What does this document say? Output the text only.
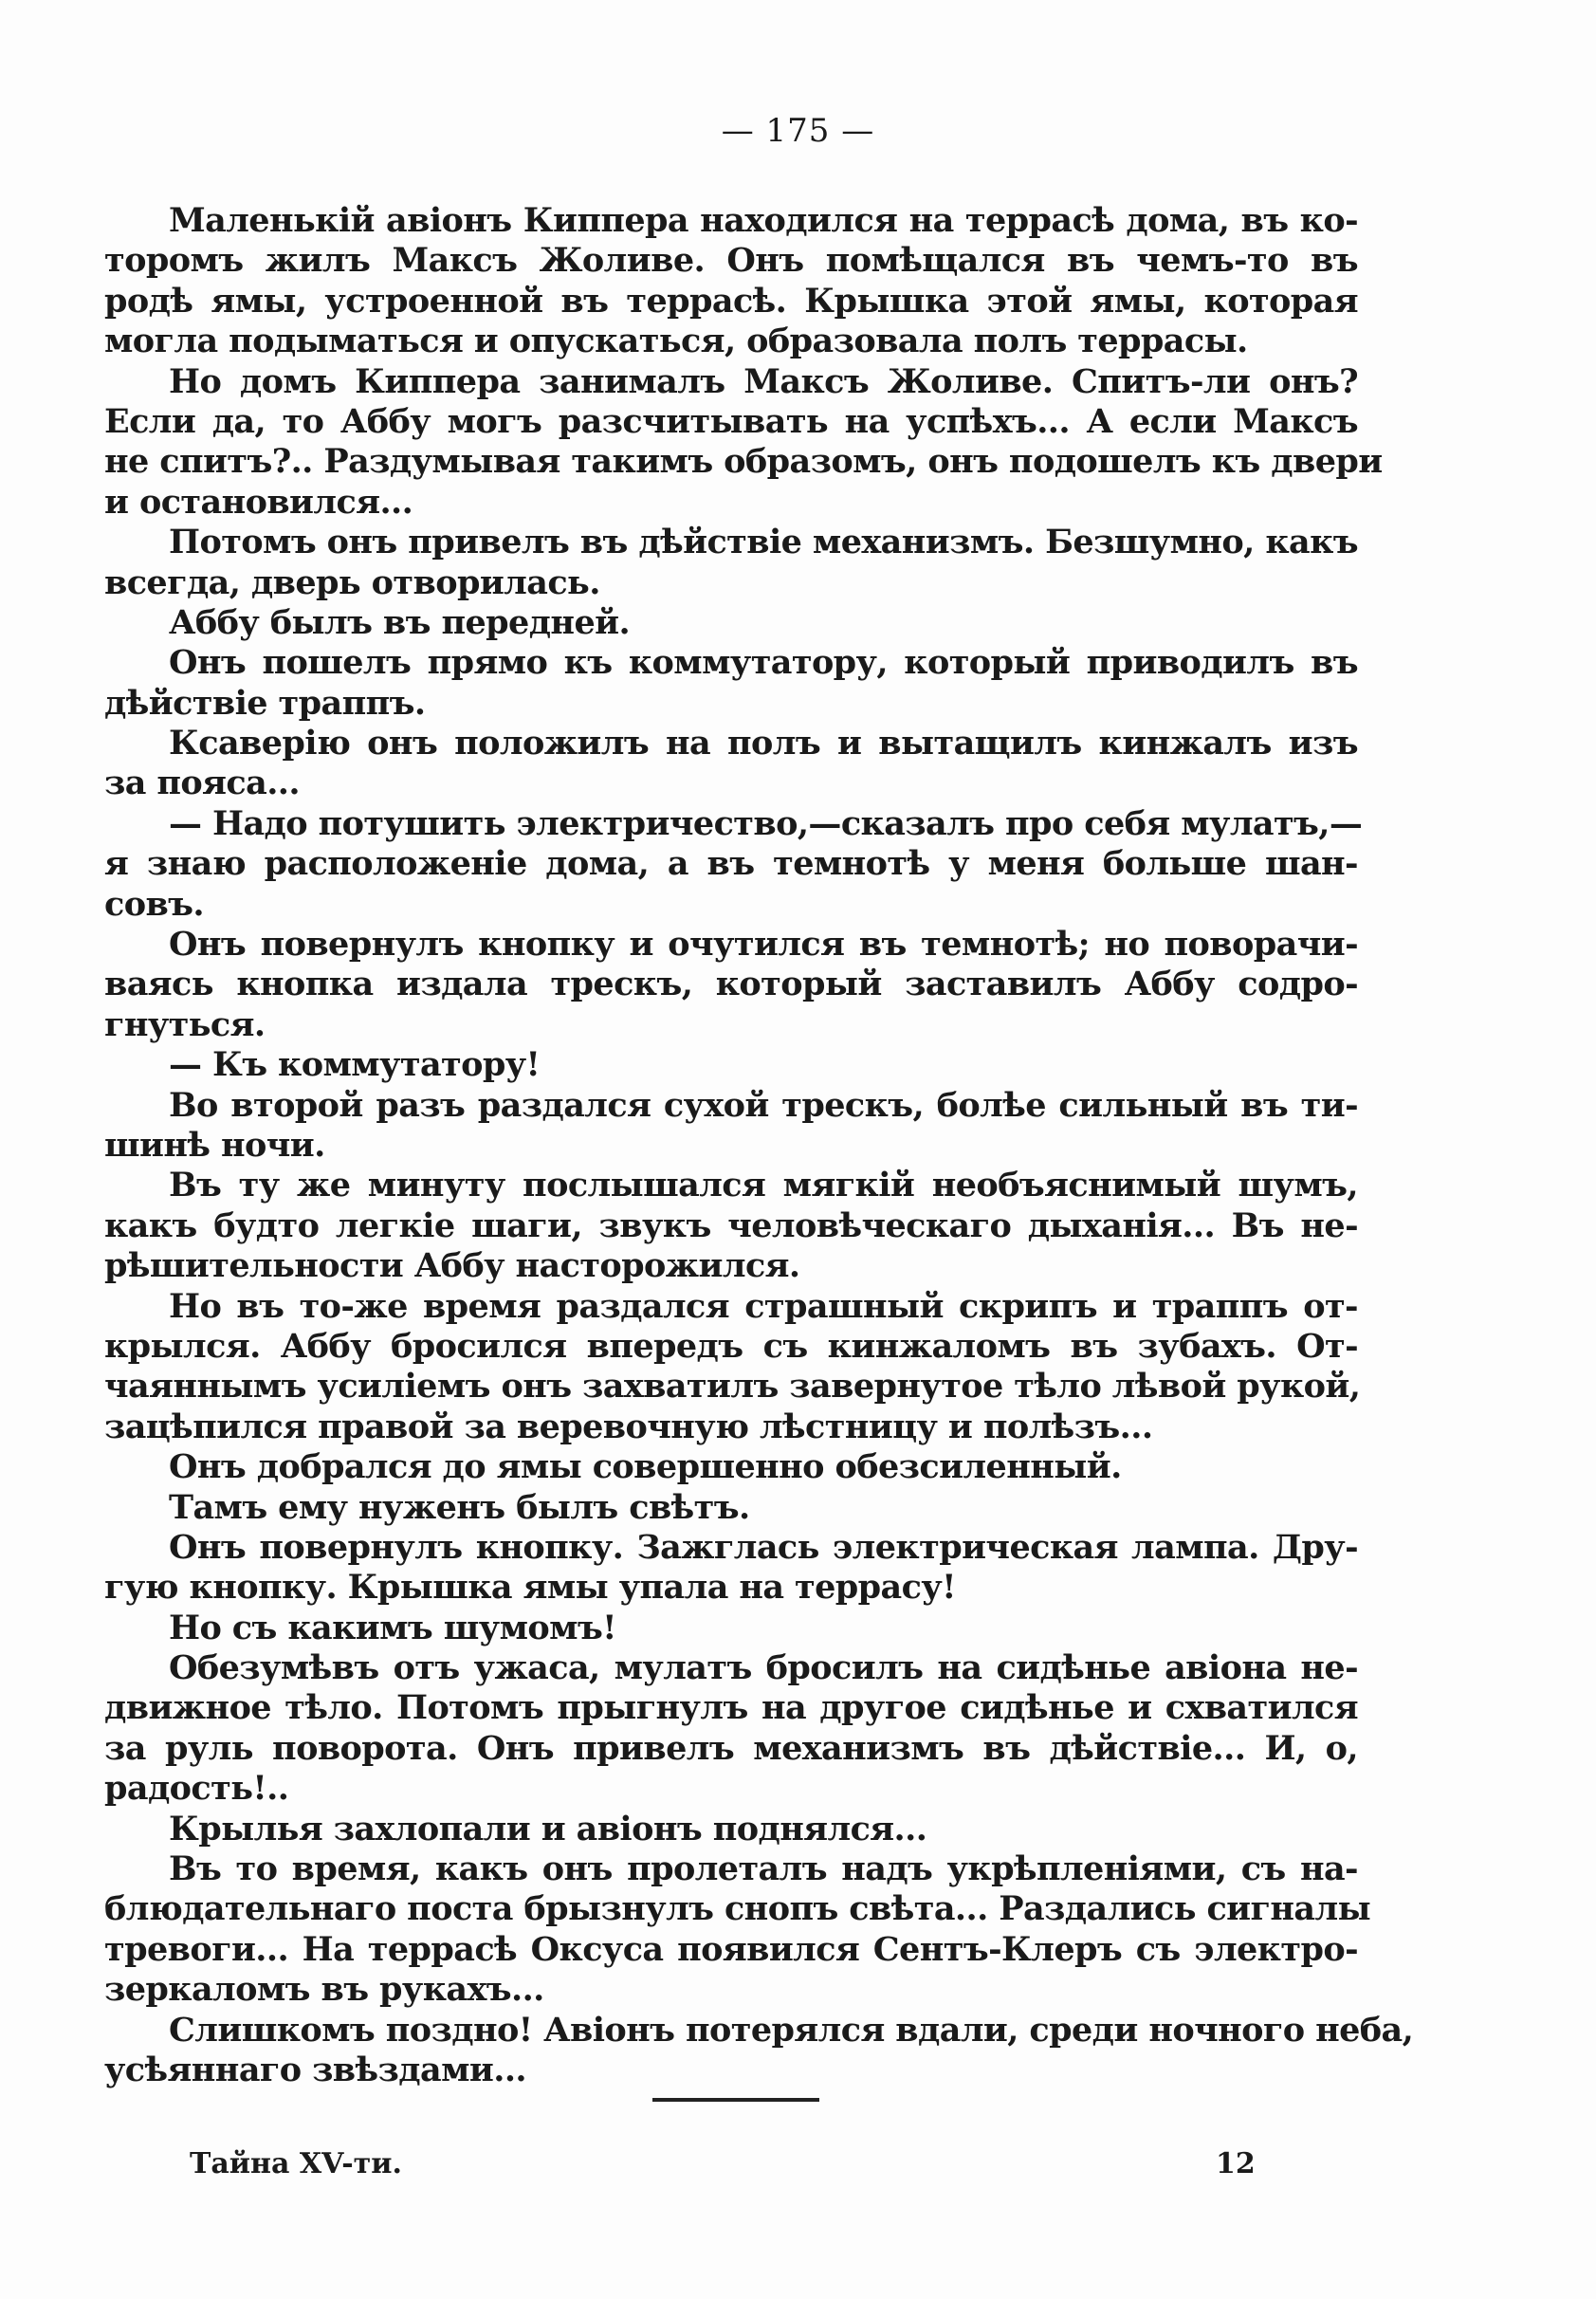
— 175 —
Маленькій авіонъ Киппера находился на террасѣ дома, въ ко-
торомъ жилъ Максъ Жоливе. Онъ помѣщался въ чемъ-то въ
родѣ ямы, устроенной въ террасѣ. Крышка этой ямы, которая
могла подыматься и опускаться, образовала полъ террасы.
Но домъ Киппера занималъ Максъ Жоливе. Спитъ-ли онъ?
Если да, то Аббу могъ разсчитывать на успѣхъ... А если Максъ
не спитъ?.. Раздумывая такимъ образомъ, онъ подошелъ къ двери
и остановился...
Потомъ онъ привелъ въ дѣйствіе механизмъ. Безшумно, какъ
всегда, дверь отворилась.
Аббу былъ въ передней.
Онъ пошелъ прямо къ коммутатору, который приводилъ въ
дѣйствіе траппъ.
Ксаверію онъ положилъ на полъ и вытащилъ кинжалъ изъ
за пояса...
— Надо потушить электричество,—сказалъ про себя мулатъ,—
я знаю расположеніе дома, а въ темнотѣ у меня больше шан-
совъ.
Онъ повернулъ кнопку и очутился въ темнотѣ; но поворачи-
ваясь кнопка издала трескъ, который заставилъ Аббу содро-
гнуться.
— Къ коммутатору!
Во второй разъ раздался сухой трескъ, болѣе сильный въ ти-
шинѣ ночи.
Въ ту же минуту послышался мягкій необъяснимый шумъ,
какъ будто легкіе шаги, звукъ человѣческаго дыханія... Въ не-
рѣшительности Аббу насторожился.
Но въ то-же время раздался страшный скрипъ и траппъ от-
крылся. Аббу бросился впередъ съ кинжаломъ въ зубахъ. От-
чаяннымъ усиліемъ онъ захватилъ завернутое тѣло лѣвой рукой,
зацѣпился правой за веревочную лѣстницу и полѣзъ...
Онъ добрался до ямы совершенно обезсиленный.
Тамъ ему нуженъ былъ свѣтъ.
Онъ повернулъ кнопку. Зажглась электрическая лампа. Дру-
гую кнопку. Крышка ямы упала на террасу!
Но съ какимъ шумомъ!
Обезумѣвъ отъ ужаса, мулатъ бросилъ на сидѣнье авіона не-
движное тѣло. Потомъ прыгнулъ на другое сидѣнье и схватился
за руль поворота. Онъ привелъ механизмъ въ дѣйствіе... И, о,
радость!..
Крылья захлопали и авіонъ поднялся...
Въ то время, какъ онъ пролеталъ надъ укрѣпленіями, съ на-
блюдательнаго поста брызнулъ снопъ свѣта... Раздались сигналы
тревоги... На террасѣ Оксуса появился Сентъ-Клеръ съ электро-
зеркаломъ въ рукахъ...
Слишкомъ поздно! Авіонъ потерялся вдали, среди ночного неба,
усѣяннаго звѣздами...
Тайна XV-ти.	12
